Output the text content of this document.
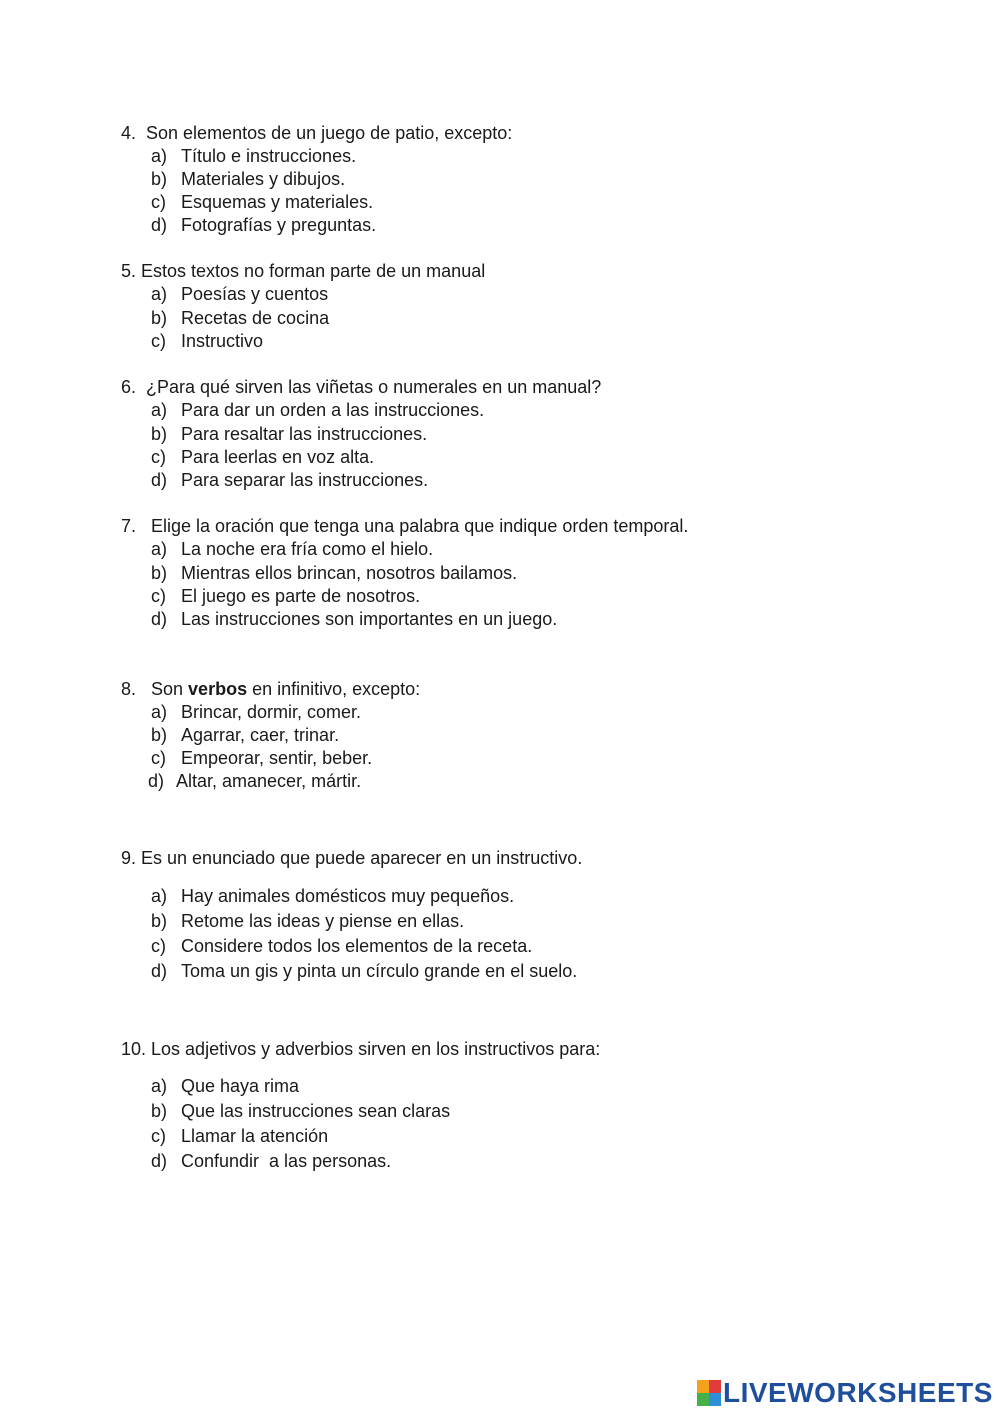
4.  Son elementos de un juego de patio, excepto:
a) Título e instrucciones.
b) Materiales y dibujos.
c) Esquemas y materiales.
d) Fotografías y preguntas.
5. Estos textos no forman parte de un manual
a) Poesías y cuentos
b) Recetas de cocina
c) Instructivo
6.  ¿Para qué sirven las viñetas o numerales en un manual?
a) Para dar un orden a las instrucciones.
b) Para resaltar las instrucciones.
c) Para leerlas en voz alta.
d) Para separar las instrucciones.
7.   Elige la oración que tenga una palabra que indique orden temporal.
a) La noche era fría como el hielo.
b) Mientras ellos brincan, nosotros bailamos.
c) El juego es parte de nosotros.
d) Las instrucciones son importantes en un juego.
8.   Son verbos en infinitivo, excepto:
a) Brincar, dormir, comer.
b) Agarrar, caer, trinar.
c) Empeorar, sentir, beber.
d) Altar, amanecer, mártir.
9. Es un enunciado que puede aparecer en un instructivo.
a) Hay animales domésticos muy pequeños.
b) Retome las ideas y piense en ellas.
c) Considere todos los elementos de la receta.
d) Toma un gis y pinta un círculo grande en el suelo.
10. Los adjetivos y adverbios sirven en los instructivos para:
a) Que haya rima
b) Que las instrucciones sean claras
c) Llamar la atención
d) Confundir  a las personas.
LIVEWORKSHEETS
